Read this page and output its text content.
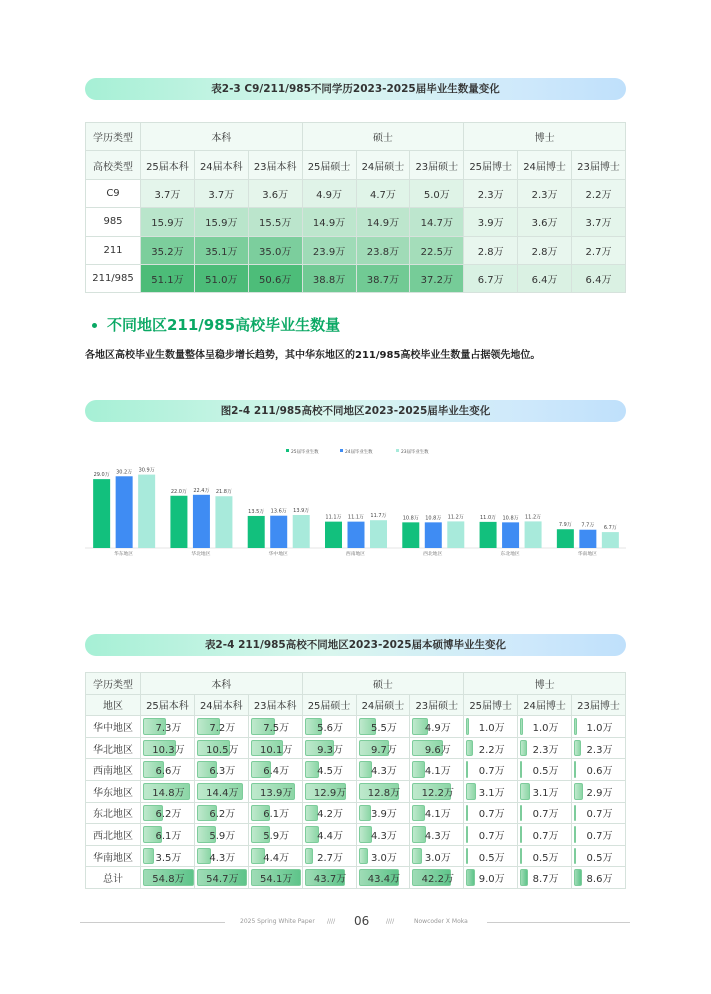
表2-3 C9/211/985不同学历2023-2025届毕业生数量变化
学历类型	本科			硕士			博士		
高校类型	25届本科	24届本科	23届本科	25届硕士	24届硕士	23届硕士	25届博士	24届博士	23届博士
C9	3.7万	3.7万	3.6万	4.9万	4.7万	5.0万	2.3万	2.3万	2.2万
985	15.9万	15.9万	15.5万	14.9万	14.9万	14.7万	3.9万	3.6万	3.7万
211	35.2万	35.1万	35.0万	23.9万	23.8万	22.5万	2.8万	2.8万	2.7万
211/985	51.1万	51.0万	50.6万	38.8万	38.7万	37.2万	6.7万	6.4万	6.4万
不同地区211/985高校毕业生数量
各地区高校毕业生数量整体呈稳步增长趋势，其中华东地区的211/985高校毕业生数量占据领先地位。
图2-4 211/985高校不同地区2023-2025届毕业生变化
25届毕业生数	24届毕业生数	23届毕业生数
29.0万 30.2万 30.9万
华东地区
22.0万 22.4万 21.8万
华北地区
13.5万 13.6万 13.9万
华中地区
11.1万 11.1万 11.7万
西南地区
10.8万 10.8万 11.2万
西北地区
11.0万 10.8万 11.2万
东北地区
7.9万 7.7万 6.7万
华南地区
表2-4 211/985高校不同地区2023-2025届本硕博毕业生变化
学历类型	本科			硕士			博士		
地区	25届本科	24届本科	23届本科	25届硕士	24届硕士	23届硕士	25届博士	24届博士	23届博士
华中地区	7.3万	7.2万	7.5万	5.6万	5.5万	4.9万	1.0万	1.0万	1.0万

华北地区	10.3万	10.5万	10.1万	9.3万	9.7万	9.6万	2.2万	2.3万	2.3万

西南地区	6.6万	6.3万	6.4万	4.5万	4.3万	4.1万	0.7万	0.5万	0.6万

华东地区	14.8万	14.4万	13.9万	12.9万	12.8万	12.2万	3.1万	3.1万	2.9万

东北地区	6.2万	6.2万	6.1万	4.2万	3.9万	4.1万	0.7万	0.7万	0.7万

西北地区	6.1万	5.9万	5.9万	4.4万	4.3万	4.3万	0.7万	0.7万	0.7万

华南地区	3.5万	4.3万	4.4万	2.7万	3.0万	3.0万	0.5万	0.5万	0.5万

总计	54.8万	54.7万	54.1万	43.7万	43.4万	42.2万	9.0万	8.7万	8.6万
2025 Spring White Paper //// 06	////	Nowcoder X Moka
